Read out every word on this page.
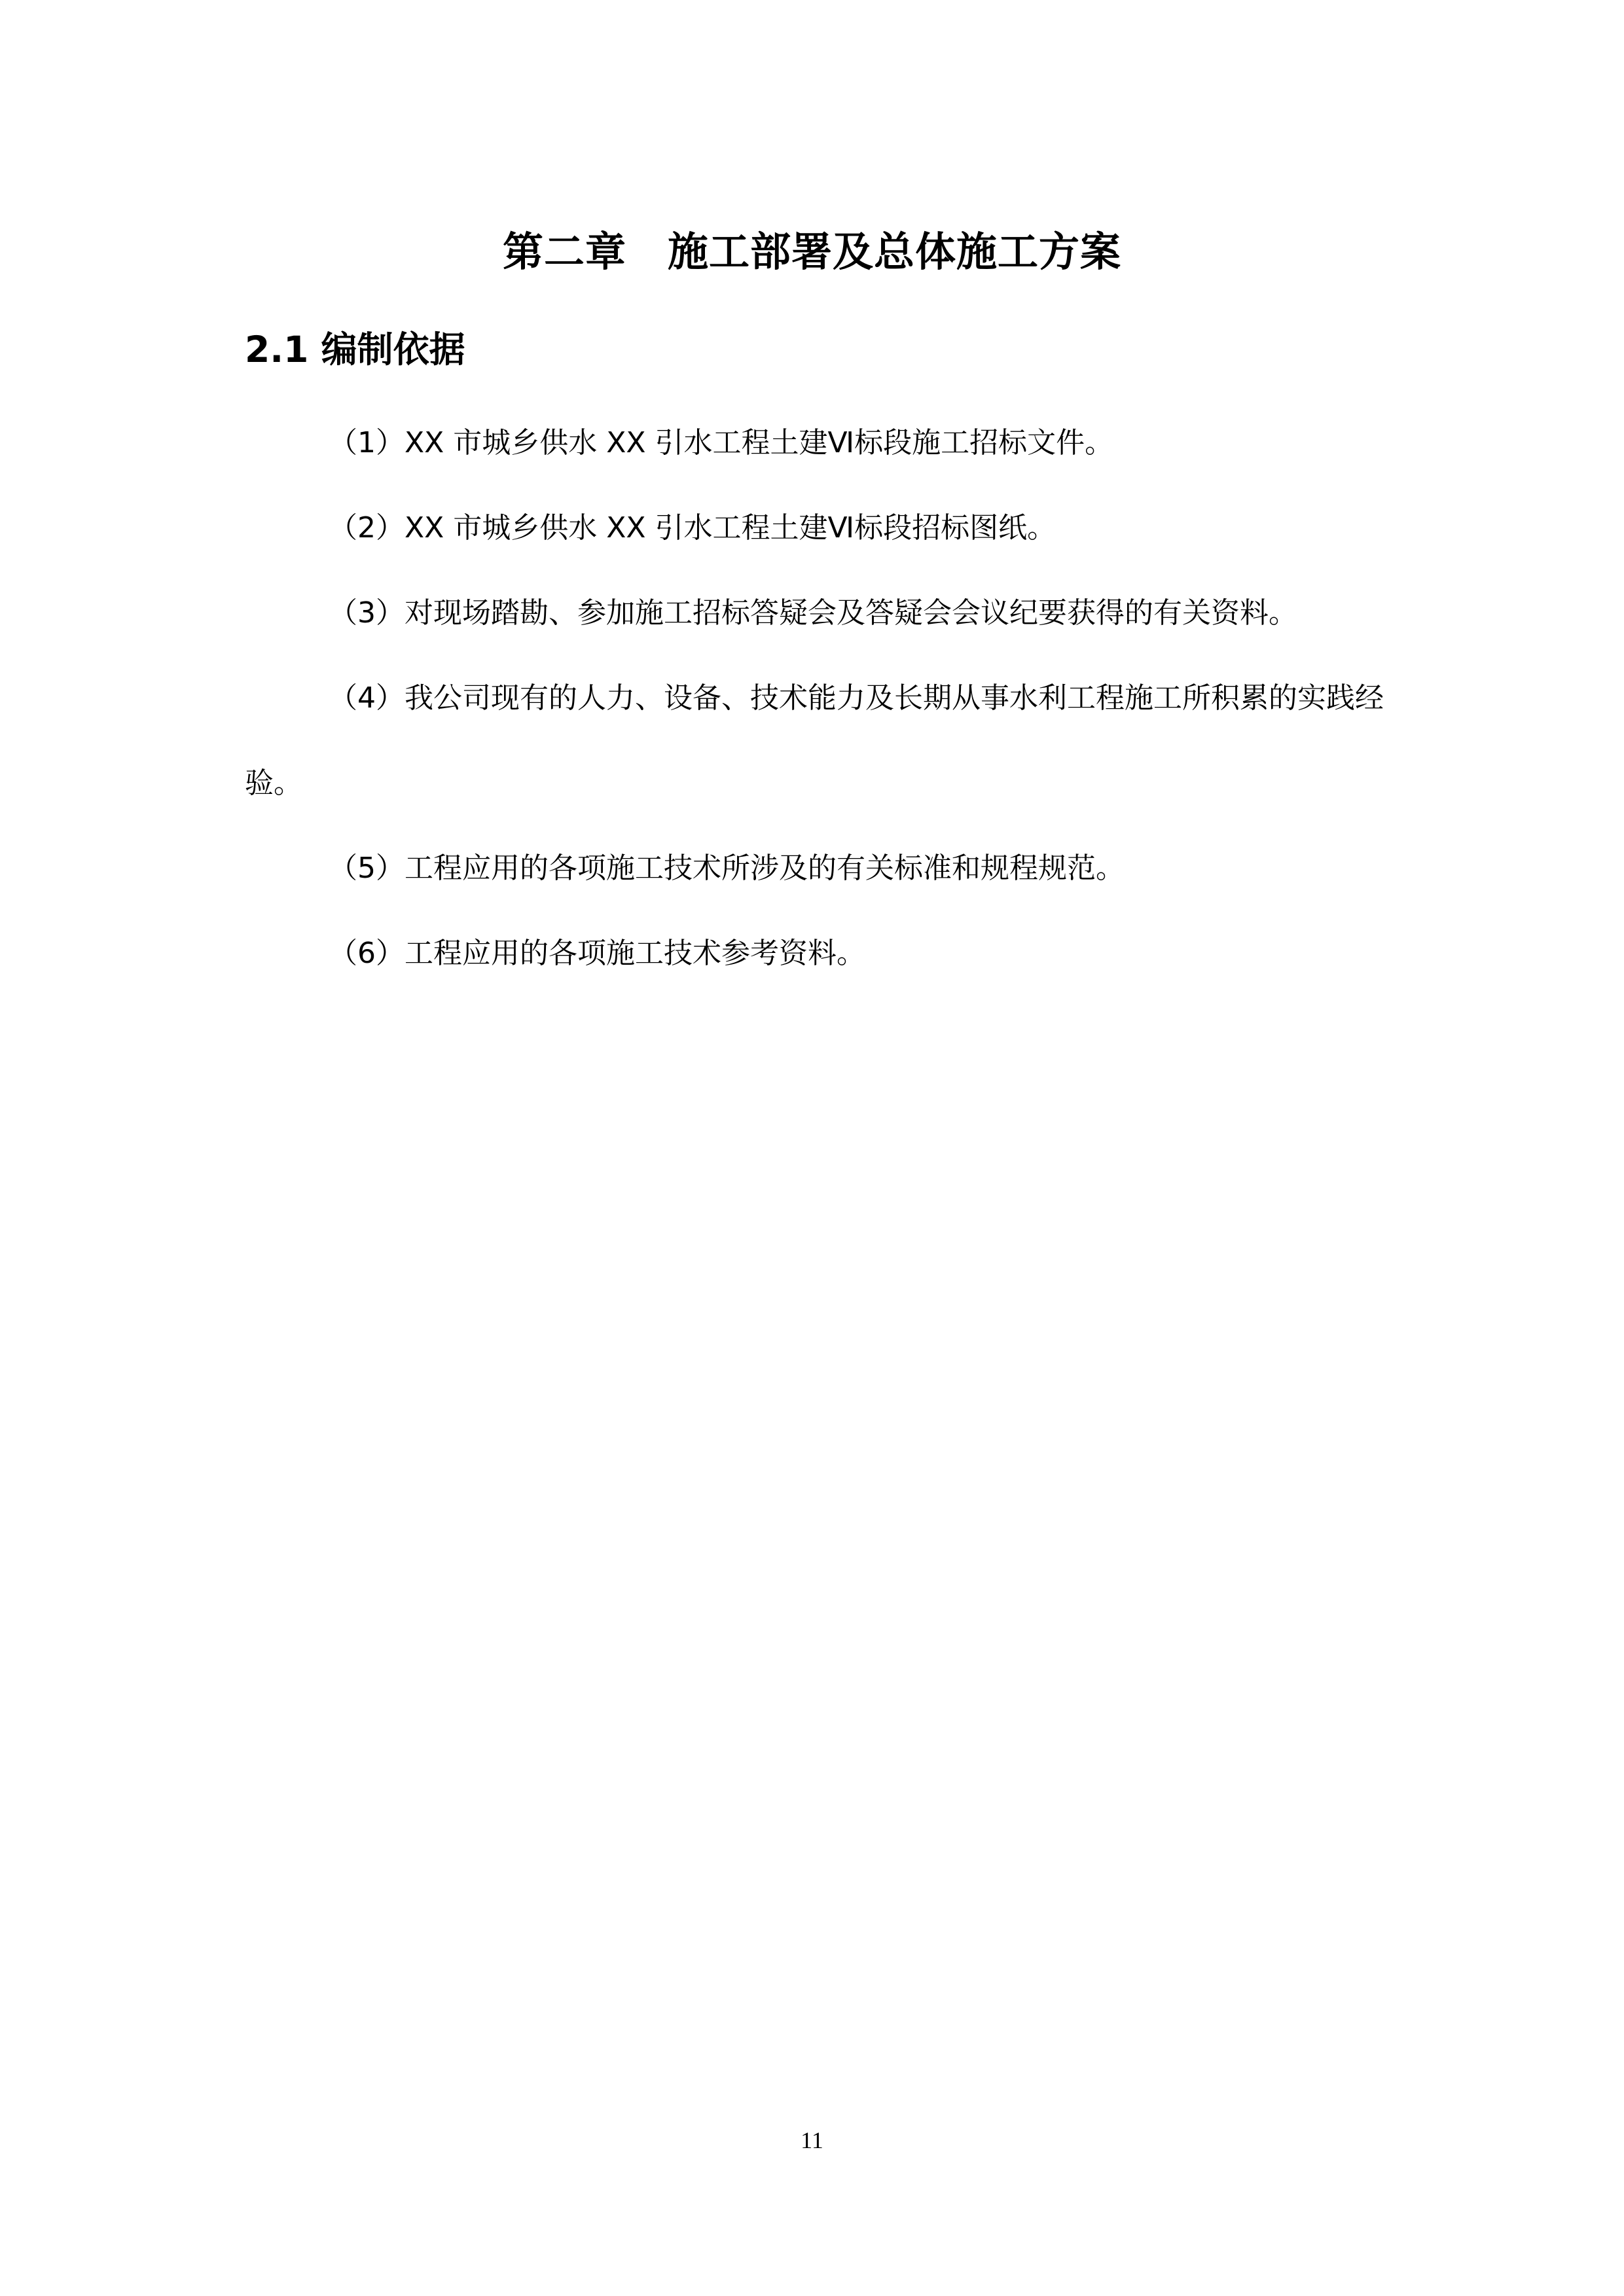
第二章　施工部署及总体施工方案
2.1 编制依据

（1）XX 市城乡供水 XX 引水工程土建Ⅵ标段施工招标文件。

（2）XX 市城乡供水 XX 引水工程土建Ⅵ标段招标图纸。

（3）对现场踏勘、参加施工招标答疑会及答疑会会议纪要获得的有关资料。

（4）我公司现有的人力、设备、技术能力及长期从事水利工程施工所积累的实践经验。

（5）工程应用的各项施工技术所涉及的有关标准和规程规范。

（6）工程应用的各项施工技术参考资料。

11
